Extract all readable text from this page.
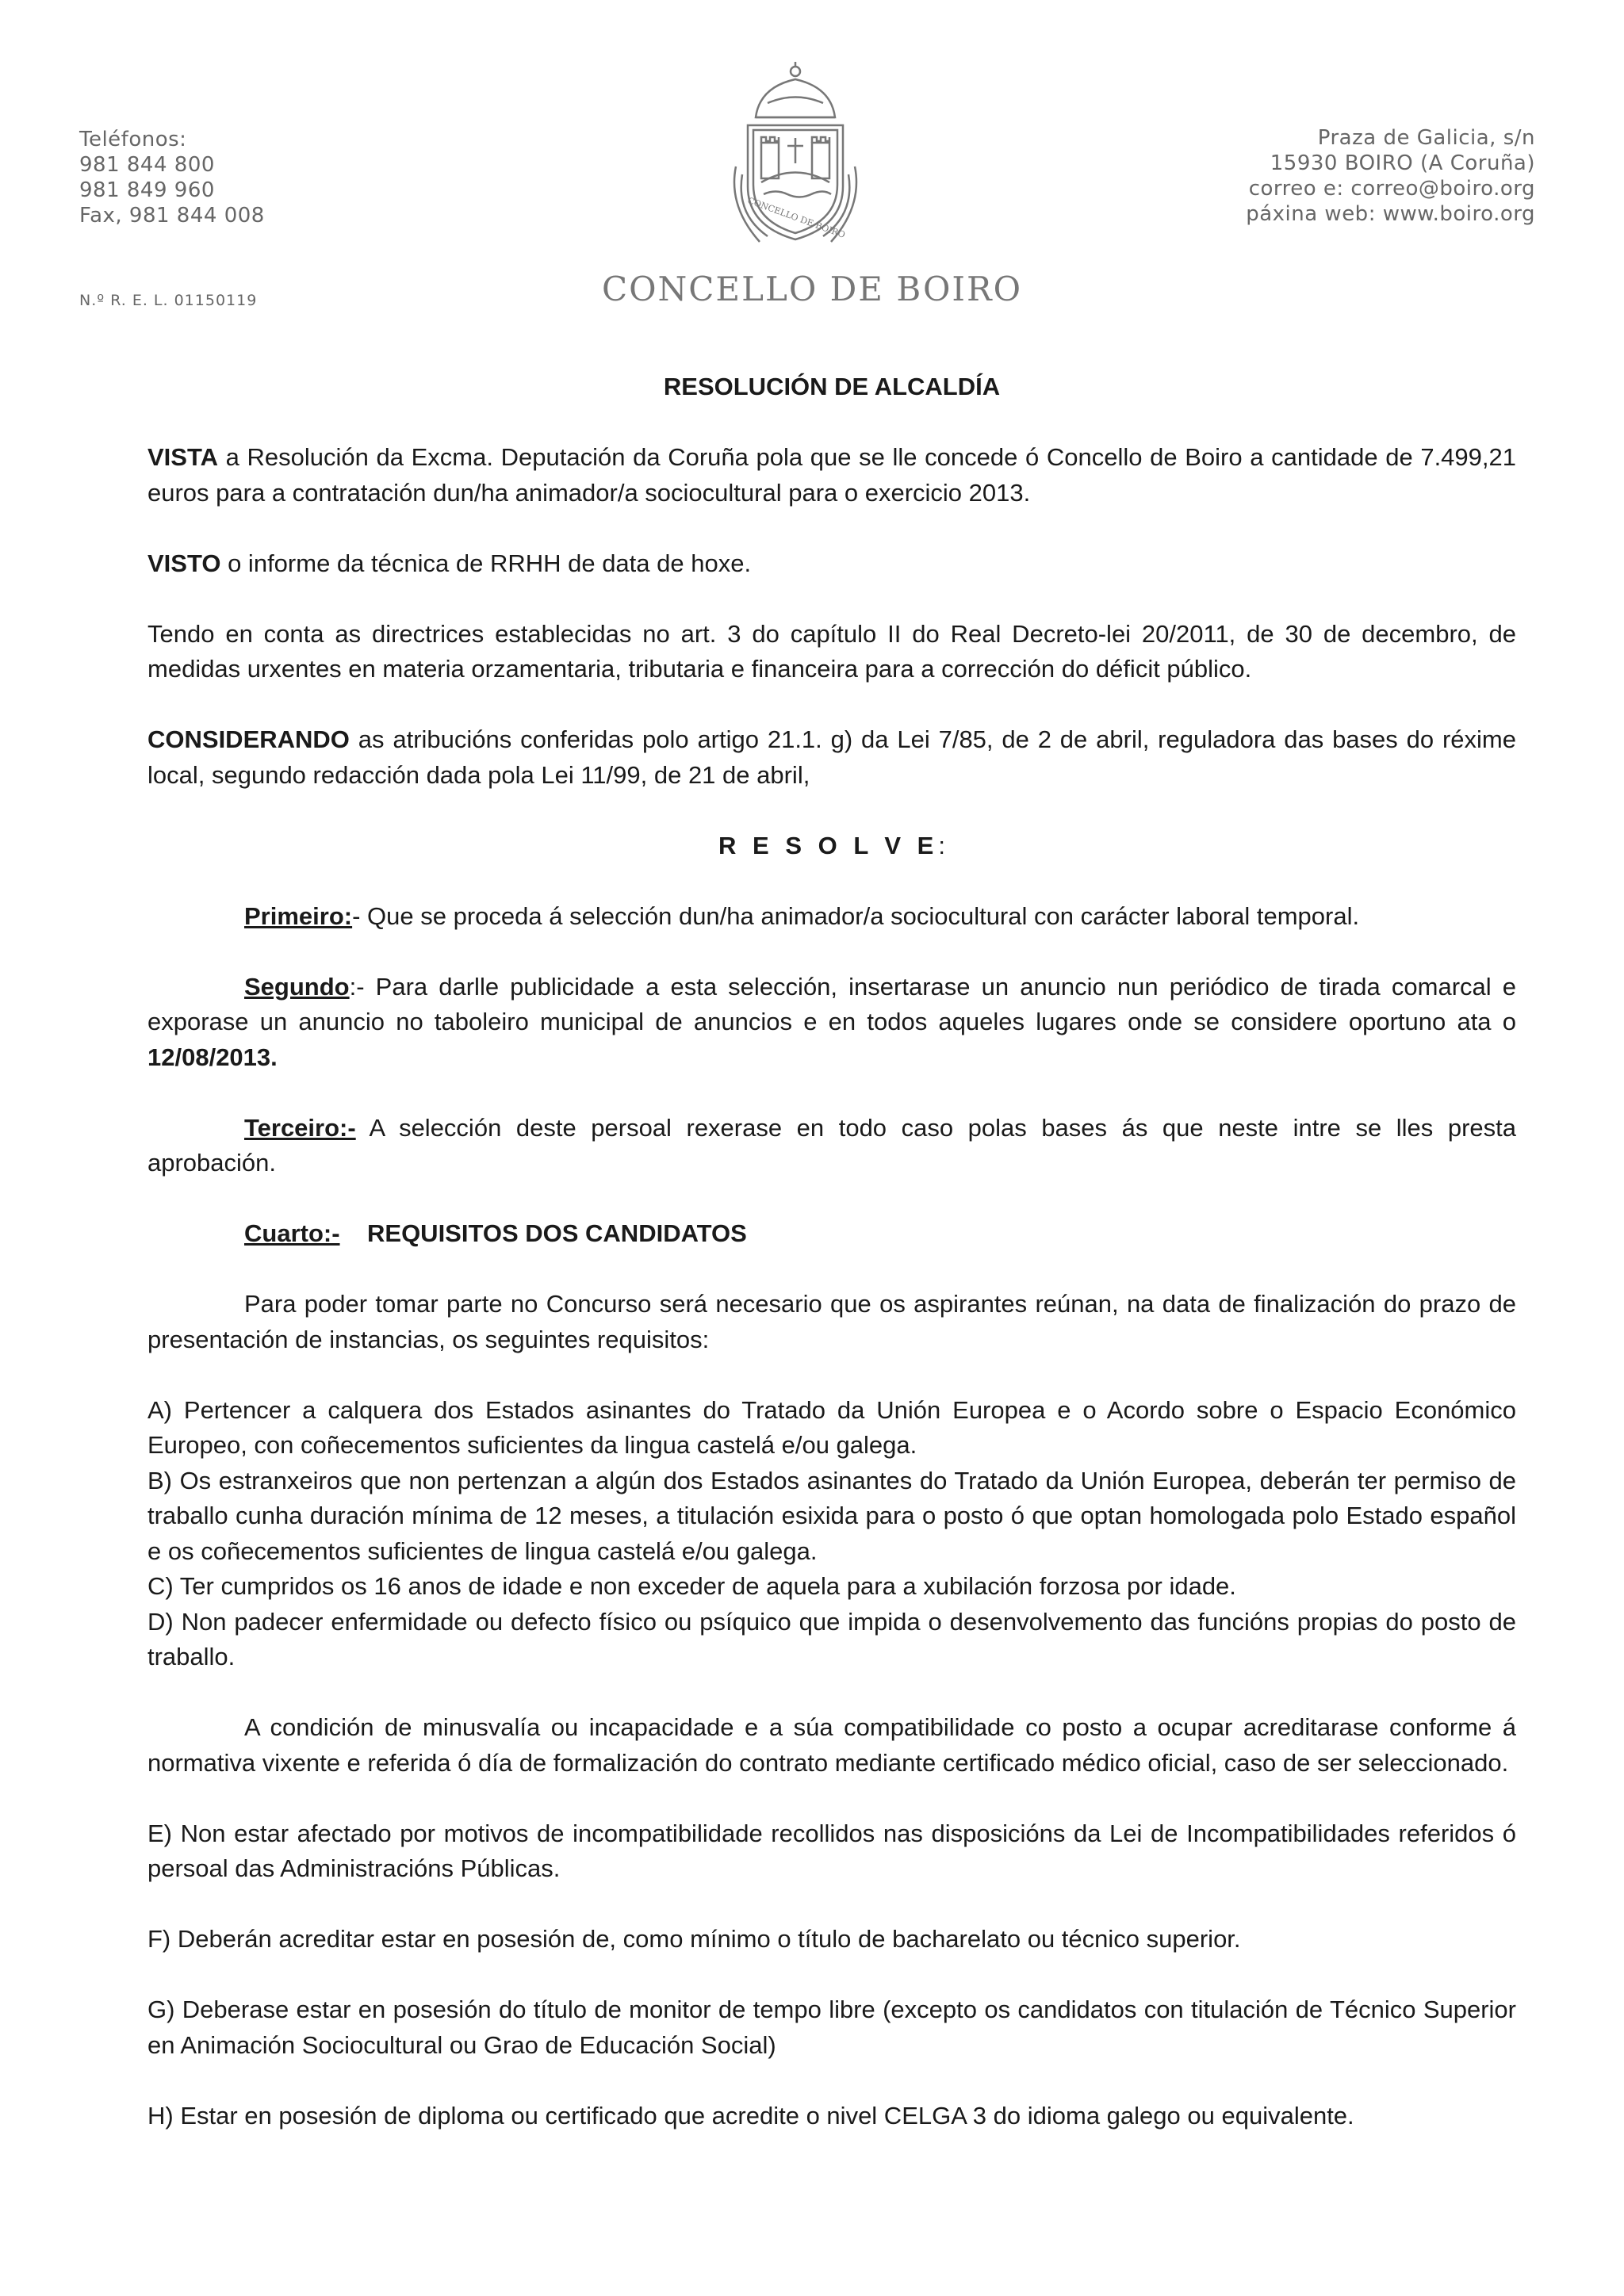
Teléfonos:
981 844 800
981 849 960
Fax, 981 844 008
N.º R. E. L. 01150119
CONCELLO DE BOIRO
CONCELLO DE BOIRO
Praza de Galicia, s/n
15930 BOIRO (A Coruña)
correo e: correo@boiro.org
páxina web: www.boiro.org

RESOLUCIÓN DE ALCALDÍA

VISTA a Resolución da Excma. Deputación da Coruña pola que se lle concede ó Concello de Boiro a cantidade de 7.499,21 euros para a contratación dun/ha animador/a sociocultural para o exercicio 2013.

VISTO o informe da técnica de RRHH de data de hoxe.

Tendo en conta as directrices establecidas no art. 3 do capítulo II do Real Decreto-lei 20/2011, de 30 de decembro, de medidas urxentes en materia orzamentaria, tributaria e financeira para a corrección do déficit público.

CONSIDERANDO as atribucións conferidas polo artigo 21.1. g) da Lei 7/85, de 2 de abril, reguladora das bases do réxime local, segundo redacción dada pola Lei 11/99, de 21 de abril,

R E S O L V E:

Primeiro:- Que se proceda á selección dun/ha animador/a sociocultural con carácter laboral temporal.

Segundo:- Para darlle publicidade a esta selección, insertarase un anuncio nun periódico de tirada comarcal e exporase un anuncio no taboleiro municipal de anuncios e en todos aqueles lugares onde se considere oportuno ata o 12/08/2013.

Terceiro:- A selección deste persoal rexerase en todo caso polas bases ás que neste intre se lles presta aprobación.

Cuarto:- REQUISITOS DOS CANDIDATOS

Para poder tomar parte no Concurso será necesario que os aspirantes reúnan, na data de finalización do prazo de presentación de instancias, os seguintes requisitos:

A) Pertencer a calquera dos Estados asinantes do Tratado da Unión Europea e o Acordo sobre o Espacio Económico Europeo, con coñecementos suficientes da lingua castelá e/ou galega.

B) Os estranxeiros que non pertenzan a algún dos Estados asinantes do Tratado da Unión Europea, deberán ter permiso de traballo cunha duración mínima de 12 meses, a titulación esixida para o posto ó que optan homologada polo Estado español e os coñecementos suficientes de lingua castelá e/ou galega.

C) Ter cumpridos os 16 anos de idade e non exceder de aquela para a xubilación forzosa por idade.

D) Non padecer enfermidade ou defecto físico ou psíquico que impida o desenvolvemento das funcións propias do posto de traballo.

A condición de minusvalía ou incapacidade e a súa compatibilidade co posto a ocupar acreditarase conforme á normativa vixente e referida ó día de formalización do contrato mediante certificado médico oficial, caso de ser seleccionado.

E) Non estar afectado por motivos de incompatibilidade recollidos nas disposicións da Lei de Incompatibilidades referidos ó persoal das Administracións Públicas.

F) Deberán acreditar estar en posesión de, como mínimo o título de bacharelato ou técnico superior.

G) Deberase estar en posesión do título de monitor de tempo libre (excepto os candidatos con titulación de Técnico Superior en Animación Sociocultural ou Grao de Educación Social)

H) Estar en posesión de diploma ou certificado que acredite o nivel CELGA 3 do idioma galego ou equivalente.
